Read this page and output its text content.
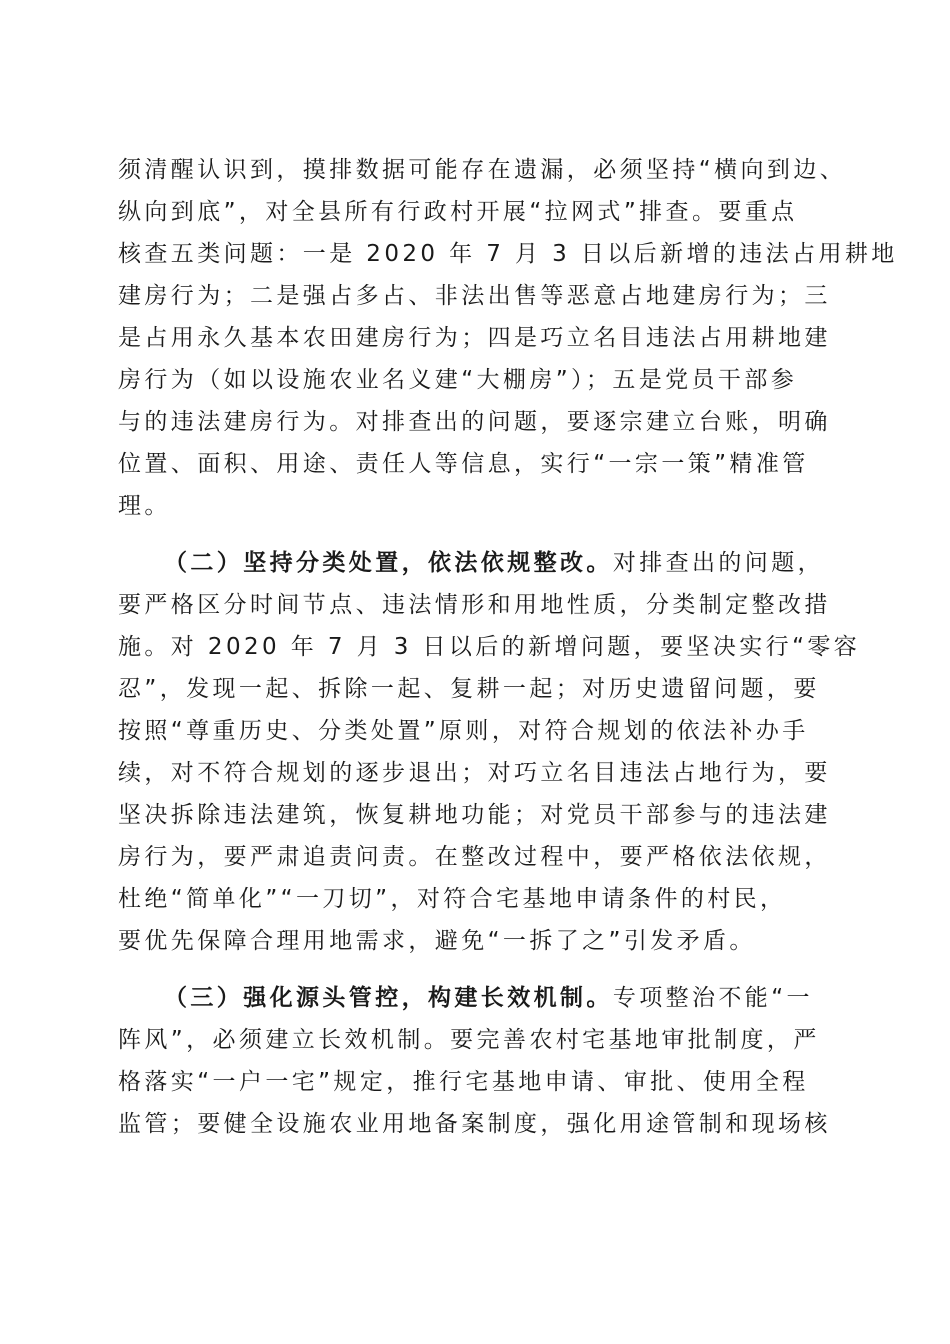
须清醒认识到，摸排数据可能存在遗漏，必须坚持“横向到边、

纵向到底”，对全县所有行政村开展“拉网式”排查。要重点

核查五类问题：一是 2020 年 7 月 3 日以后新增的违法占用耕地

建房行为；二是强占多占、非法出售等恶意占地建房行为；三

是占用永久基本农田建房行为；四是巧立名目违法占用耕地建

房行为（如以设施农业名义建“大棚房”）；五是党员干部参

与的违法建房行为。对排查出的问题，要逐宗建立台账，明确

位置、面积、用途、责任人等信息，实行“一宗一策”精准管

理。

（二）坚持分类处置，依法依规整改。对排查出的问题，

要严格区分时间节点、违法情形和用地性质，分类制定整改措

施。对 2020 年 7 月 3 日以后的新增问题，要坚决实行“零容

忍”，发现一起、拆除一起、复耕一起；对历史遗留问题，要

按照“尊重历史、分类处置”原则，对符合规划的依法补办手

续，对不符合规划的逐步退出；对巧立名目违法占地行为，要

坚决拆除违法建筑，恢复耕地功能；对党员干部参与的违法建

房行为，要严肃追责问责。在整改过程中，要严格依法依规，

杜绝“简单化”“一刀切”，对符合宅基地申请条件的村民，

要优先保障合理用地需求，避免“一拆了之”引发矛盾。

（三）强化源头管控，构建长效机制。专项整治不能“一

阵风”，必须建立长效机制。要完善农村宅基地审批制度，严

格落实“一户一宅”规定，推行宅基地申请、审批、使用全程

监管；要健全设施农业用地备案制度，强化用途管制和现场核
